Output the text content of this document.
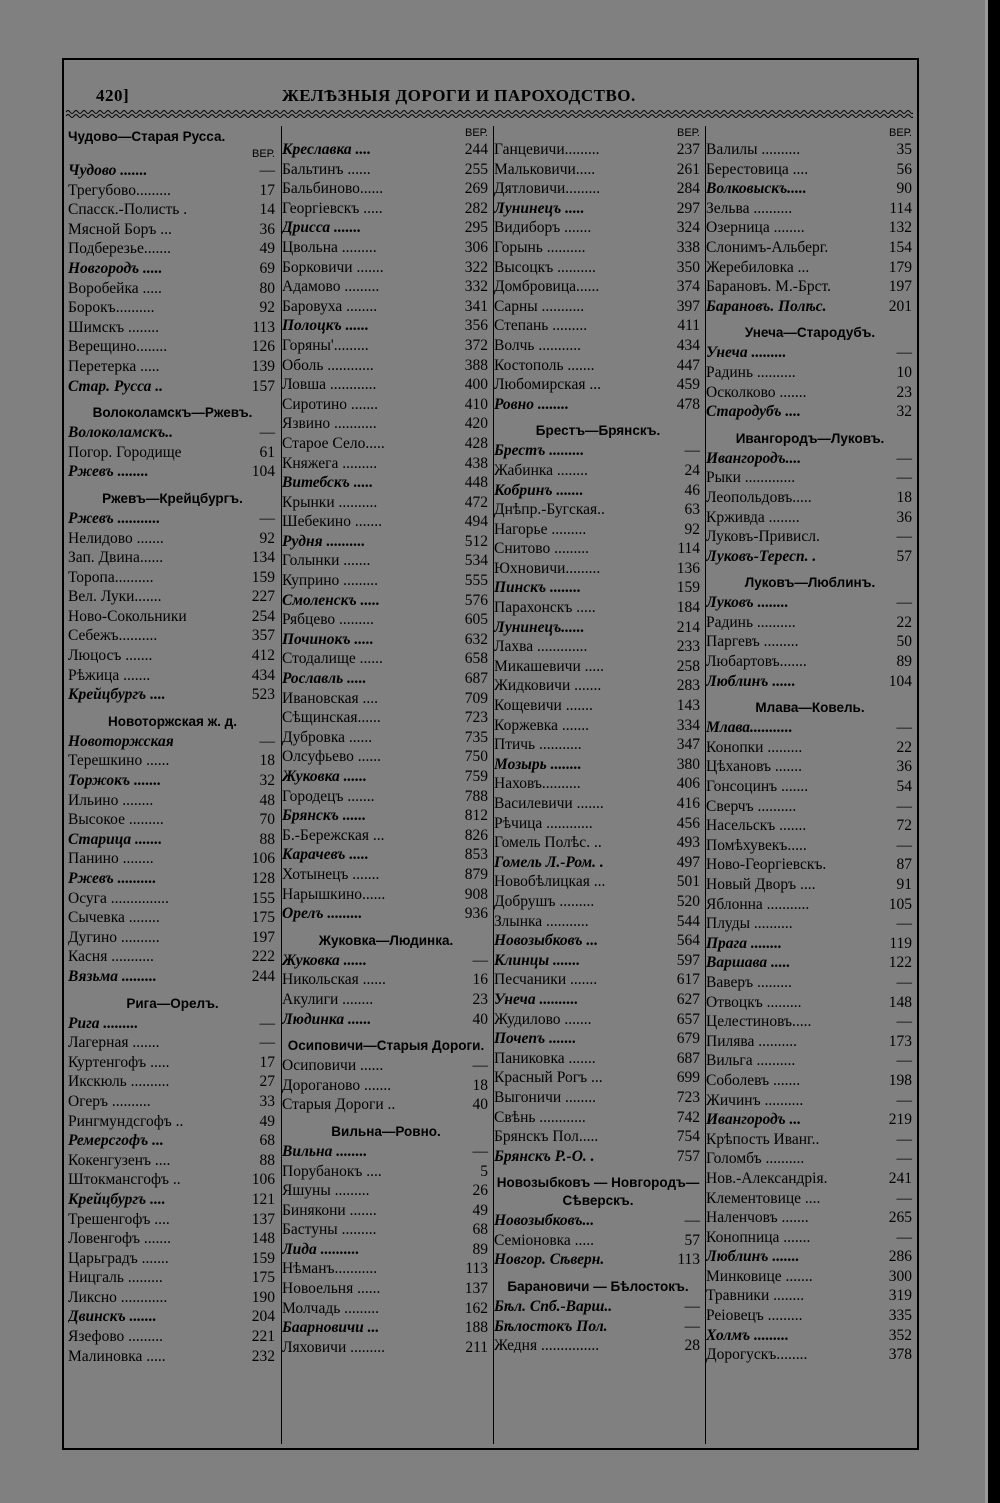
420]	ЖЕЛѢЗНЫЯ ДОРОГИ И ПАРОХОДСТВО.
Чудово—Старая Русса.
ВЕР.
Чудово .......	—
Трегубово.........	17
Спасск.-Полисть .	14
Мясной Боръ ...	36
Подберезье.......	49
Новгородъ .....	69
Воробейка .....	80
Борокъ..........	92
Шимскъ ........	113
Верещино........	126
Перетерка .....	139
Стар. Русса ..	157
Волоколамскъ—Ржевъ.
Волоколамскъ..	—
Погор. Городище	61
Ржевъ ........	104
Ржевъ—Крейцбургъ.
Ржевъ ...........	—
Нелидово .......	92
Зап. Двина......	134
Торопа..........	159
Вел. Луки.......	227
Ново-Сокольники	254
Себежъ..........	357
Люцосъ .......	412
Рѣжица .......	434
Крейцбургъ ....	523
Новоторжская ж. д.
Новоторжская	—
Терешкино ......	18
Торжокъ .......	32
Ильино ........	48
Высокое .........	70
Старица .......	88
Панино ........	106
Ржевъ ..........	128
Осуга ...............	155
Сычевка ........	175
Дугино ..........	197
Касня ...........	222
Вязьма .........	244
Рига—Орелъ.
Рига .........	—
Лагерная .......	—
Куртенгофъ .....	17
Икскюль ..........	27
Огеръ ..........	33
Рингмундсгофъ ..	49
Ремерсгофъ ...	68
Кокенгузенъ ....	88
Штокмансгофъ ..	106
Крейцбургъ ....	121
Трешенгофъ ....	137
Ловенгофъ .......	148
Царьградъ .......	159
Ницгаль .........	175
Ликсно ............	190
Двинскъ .......	204
Язефово .........	221
Малиновка .....	232
ВЕР.
Креславка ....	244
Бальтинъ ......	255
Бальбиново......	269
Георгіевскъ .....	282
Дрисса .......	295
Цвольна .........	306
Борковичи .......	322
Адамово .........	332
Баровуха ........	341
Полоцкъ ......	356
Горяны'.........	372
Оболь ............	388
Ловша ............	400
Сиротино .......	410
Язвино ...........	420
Старое Село.....	428
Княжега .........	438
Витебскъ .....	448
Крынки ..........	472
Шебекино .......	494
Рудня ..........	512
Голынки .......	534
Куприно .........	555
Смоленскъ .....	576
Рябцево .........	605
Починокъ .....	632
Стодалище ......	658
Рославль .....	687
Ивановская ....	709
Сѣщинская......	723
Дубровка ......	735
Олсуфьево ......	750
Жуковка ......	759
Городецъ .......	788
Брянскъ ......	812
Б.-Бережская ...	826
Карачевъ .....	853
Хотынецъ .......	879
Нарышкино......	908
Орелъ .........	936
Жуковка—Людинка.
Жуковка ......	—
Никольская ......	16
Акулиги ........	23
Людинка ......	40
Осиповичи—Старыя Дороги.
Осиповичи ......	—
Дороганово .......	18
Старыя Дороги ..	40
Вильна—Ровно.
Вильна ........	—
Порубанокъ ....	5
Яшуны .........	26
Бинякони .......	49
Бастуны .........	68
Лида ..........	89
Нѣманъ...........	113
Новоельня ......	137
Молчадь .........	162
Баарновичи ...	188
Ляховичи .........	211
ВЕР.
Ганцевичи.........	237
Мальковичи.....	261
Дятловичи.........	284
Лунинецъ .....	297
Видиборъ .......	324
Горынь ..........	338
Высоцкъ ..........	350
Домбровица......	374
Сарны ...........	397
Степань .........	411
Волчь ...........	434
Костополь .......	447
Любомирская ...	459
Ровно ........	478
Брестъ—Брянскъ.
Брестъ .........	—
Жабинка ........	24
Кобринъ .......	46
Днѣпр.-Бугская..	63
Нагорье .........	92
Снитово .........	114
Юхновичи.........	136
Пинскъ ........	159
Парахонскъ .....	184
Лунинецъ......	214
Лахва .............	233
Микашевичи .....	258
Жидковичи .......	283
Кощевичи .......	143
Коржевка .......	334
Птичь ...........	347
Мозырь ........	380
Наховъ..........	406
Василевичи .......	416
Рѣчица ............	456
Гомель Полѣс. ..	493
Гомель Л.-Ром. .	497
Новобѣлицкая ...	501
Добрушъ .........	520
Злынка ...........	544
Новозыбковъ ...	564
Клинцы .......	597
Песчаники .......	617
Унеча ..........	627
Жудилово .......	657
Почепъ .......	679
Паниковка .......	687
Красный Рогъ ...	699
Выгоничи ........	723
Свѣнь ............	742
Брянскъ Пол.....	754
Брянскъ Р.-О. .	757
Новозыбковъ — Новгородъ—Сѣверскъ.
Новозыбковъ...	—
Семіоновка .....	57
Новгор. Сѣверн.	113
Барановичи — Бѣлостокъ.
Бѣл. Спб.-Варш..	—
Бѣлостокъ Пол.	—
Жедня ...............	28
ВЕР.
Валилы ..........	35
Берестовица ....	56
Волковыскъ.....	90
Зельва ..........	114
Озерница ........	132
Слонимъ-Альберг.	154
Жеребиловка ...	179
Барановъ. М.-Брст.	197
Барановъ. Полѣс.	201
Унеча—Стародубъ.
Унеча .........	—
Радинь ..........	10
Осколково .......	23
Стародубъ ....	32
Ивангородъ—Луковъ.
Ивангородъ....	—
Рыки .............	—
Леопольдовъ.....	18
Крживда ........	36
Луковъ-Привисл.	—
Луковъ-Тересп. .	57
Луковъ—Люблинъ.
Луковъ ........	—
Радинь ..........	22
Паргевъ .........	50
Любартовъ.......	89
Люблинъ ......	104
Млава—Ковель.
Млава...........	—
Конопки .........	22
Цѣхановъ .......	36
Гонсоцинъ .......	54
Сверчъ ..........	—
Насельскъ .......	72
Помѣхувекъ.....	—
Ново-Георгіевскъ.	87
Новый Дворъ ....	91
Яблонна ...........	105
Плуды ..........	—
Прага ........	119
Варшава .....	122
Ваверъ .........	—
Отвоцкъ .........	148
Целестиновъ.....	—
Пилява ..........	173
Вильга ..........	—
Соболевъ .......	198
Жичинъ ..........	—
Ивангородъ ...	219
Крѣпость Иванг..	—
Голомбъ ..........	—
Нов.-Александрія.	241
Клементовице ....	—
Наленчовъ .......	265
Конопница .......	—
Люблинъ .......	286
Минковице .......	300
Травники ........	319
Реіовецъ .........	335
Холмъ .........	352
Дорогускъ........	378
